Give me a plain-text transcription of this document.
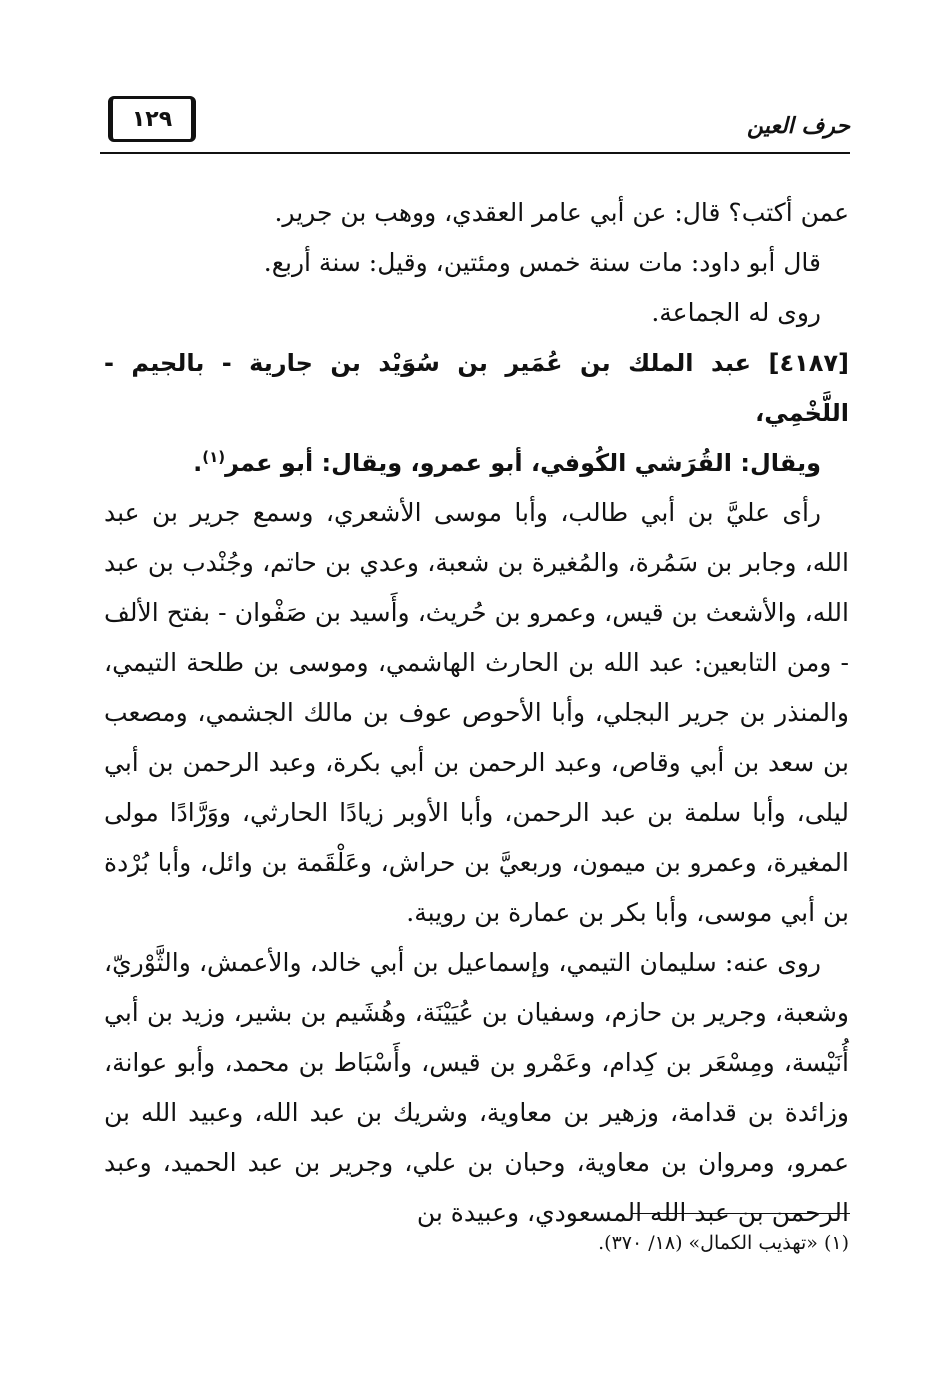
١٢٩	حرف العين

عمن أكتب؟ قال: عن أبي عامر العقدي، ووهب بن جرير.

قال أبو داود: مات سنة خمس ومئتين، وقيل: سنة أربع.

روى له الجماعة.

[٤١٨٧] عبد الملك بن عُمَير بن سُوَيْد بن جارية - بالجيم - اللَّخْمِي،

ويقال: القُرَشي الكُوفي، أبو عمرو، ويقال: أبو عمر$^{(١)}$.

رأى عليَّ بن أبي طالب، وأبا موسى الأشعري، وسمع جرير بن عبد الله، وجابر بن سَمُرة، والمُغيرة بن شعبة، وعدي بن حاتم، وجُنْدب بن عبد الله، والأشعث بن قيس، وعمرو بن حُريث، وأَسيد بن صَفْوان - بفتح الألف - ومن التابعين: عبد الله بن الحارث الهاشمي، وموسى بن طلحة التيمي، والمنذر بن جرير البجلي، وأبا الأحوص عوف بن مالك الجشمي، ومصعب بن سعد بن أبي وقاص، وعبد الرحمن بن أبي بكرة، وعبد الرحمن بن أبي ليلى، وأبا سلمة بن عبد الرحمن، وأبا الأوبر زيادًا الحارثي، ووَرَّادًا مولى المغيرة، وعمرو بن ميمون، وربعيَّ بن حراش، وعَلْقَمة بن وائل، وأبا بُرْدة بن أبي موسى، وأبا بكر بن عمارة بن رويبة.

روى عنه: سليمان التيمي، وإسماعيل بن أبي خالد، والأعمش، والثَّوْريّ، وشعبة، وجرير بن حازم، وسفيان بن عُيَيْنَة، وهُشَيم بن بشير، وزيد بن أبي أُنَيْسة، ومِسْعَر بن كِدام، وعَمْرو بن قيس، وأَسْبَاط بن محمد، وأبو عوانة، وزائدة بن قدامة، وزهير بن معاوية، وشريك بن عبد الله، وعبيد الله بن عمرو، ومروان بن معاوية، وحبان بن علي، وجرير بن عبد الحميد، وعبد الرحمن بن عبد الله المسعودي، وعبيدة بن

(١) «تهذيب الكمال» (١٨/ ٣٧٠).
